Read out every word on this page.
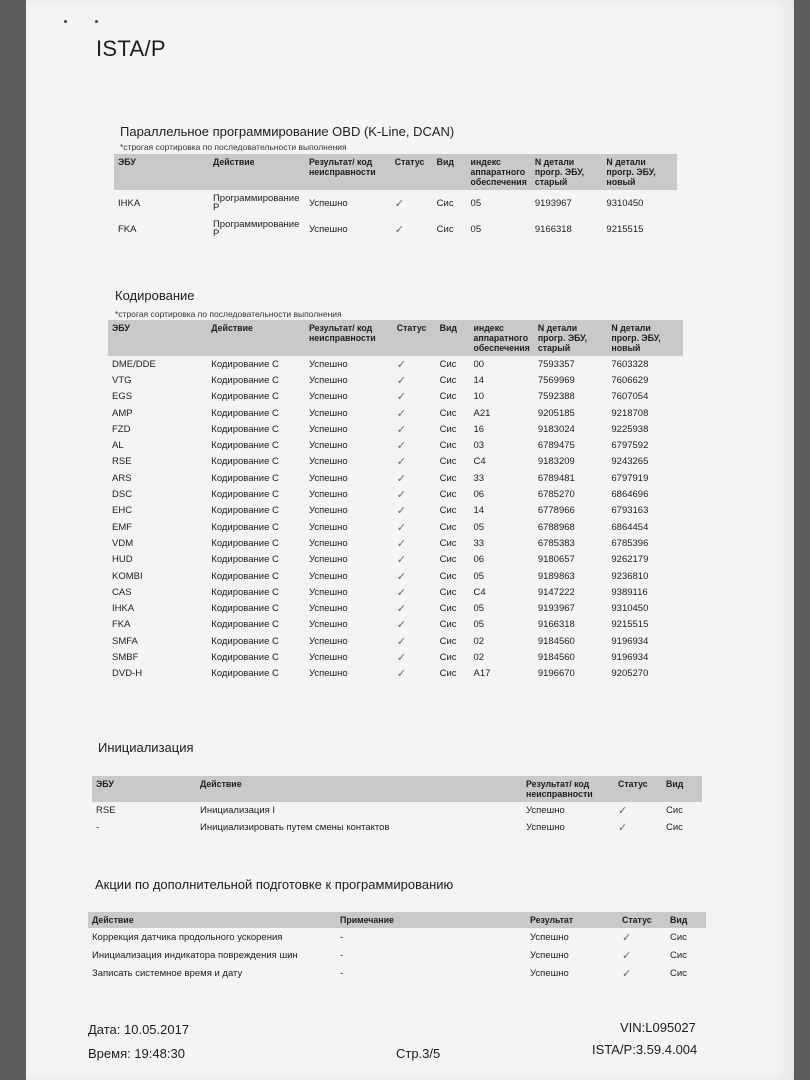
ISTA/P
Параллельное программирование OBD (K-Line, DCAN)
*строгая сортировка по последовательности выполнения
ЭБУ	Действие	Результат/ код неисправности	Статус	Вид	индекс аппаратного обеспечения	N детали прогр. ЭБУ, старый	N детали прогр. ЭБУ, новый
IHKA	Программирование Р	Успешно	✓	Сис	05	9193967	9310450
FKA	Программирование Р	Успешно	✓	Сис	05	9166318	9215515
Кодирование
*строгая сортировка по последовательности выполнения
ЭБУ	Действие	Результат/ код неисправности	Статус	Вид	индекс аппаратного обеспечения	N детали прогр. ЭБУ, старый	N детали прогр. ЭБУ, новый
DME/DDE	Кодирование С	Успешно	✓	Сис	00	7593357	7603328
VTG	Кодирование С	Успешно	✓	Сис	14	7569969	7606629
EGS	Кодирование С	Успешно	✓	Сис	10	7592388	7607054
AMP	Кодирование С	Успешно	✓	Сис	A21	9205185	9218708
FZD	Кодирование С	Успешно	✓	Сис	16	9183024	9225938
AL	Кодирование С	Успешно	✓	Сис	03	6789475	6797592
RSE	Кодирование С	Успешно	✓	Сис	C4	9183209	9243265
ARS	Кодирование С	Успешно	✓	Сис	33	6789481	6797919
DSC	Кодирование С	Успешно	✓	Сис	06	6785270	6864696
EHC	Кодирование С	Успешно	✓	Сис	14	6778966	6793163
EMF	Кодирование С	Успешно	✓	Сис	05	6788968	6864454
VDM	Кодирование С	Успешно	✓	Сис	33	6785383	6785396
HUD	Кодирование С	Успешно	✓	Сис	06	9180657	9262179
KOMBI	Кодирование С	Успешно	✓	Сис	05	9189863	9236810
CAS	Кодирование С	Успешно	✓	Сис	C4	9147222	9389116
IHKA	Кодирование С	Успешно	✓	Сис	05	9193967	9310450
FKA	Кодирование С	Успешно	✓	Сис	05	9166318	9215515
SMFA	Кодирование С	Успешно	✓	Сис	02	9184560	9196934
SMBF	Кодирование С	Успешно	✓	Сис	02	9184560	9196934
DVD-H	Кодирование С	Успешно	✓	Сис	A17	9196670	9205270
Инициализация
ЭБУ	Действие	Результат/ код неисправности	Статус	Вид
RSE	Инициализация I	Успешно	✓	Сис
-	Инициализировать путем смены контактов	Успешно	✓	Сис
Акции по дополнительной подготовке к программированию
Действие	Примечание	Результат	Статус	Вид
Коррекция датчика продольного ускорения	-	Успешно	✓	Сис
Инициализация индикатора повреждения шин	-	Успешно	✓	Сис
Записать системное время и дату	-	Успешно	✓	Сис
Дата: 10.05.2017
Время: 19:48:30	Стр.3/5
VIN:L095027
ISTA/P:3.59.4.004
